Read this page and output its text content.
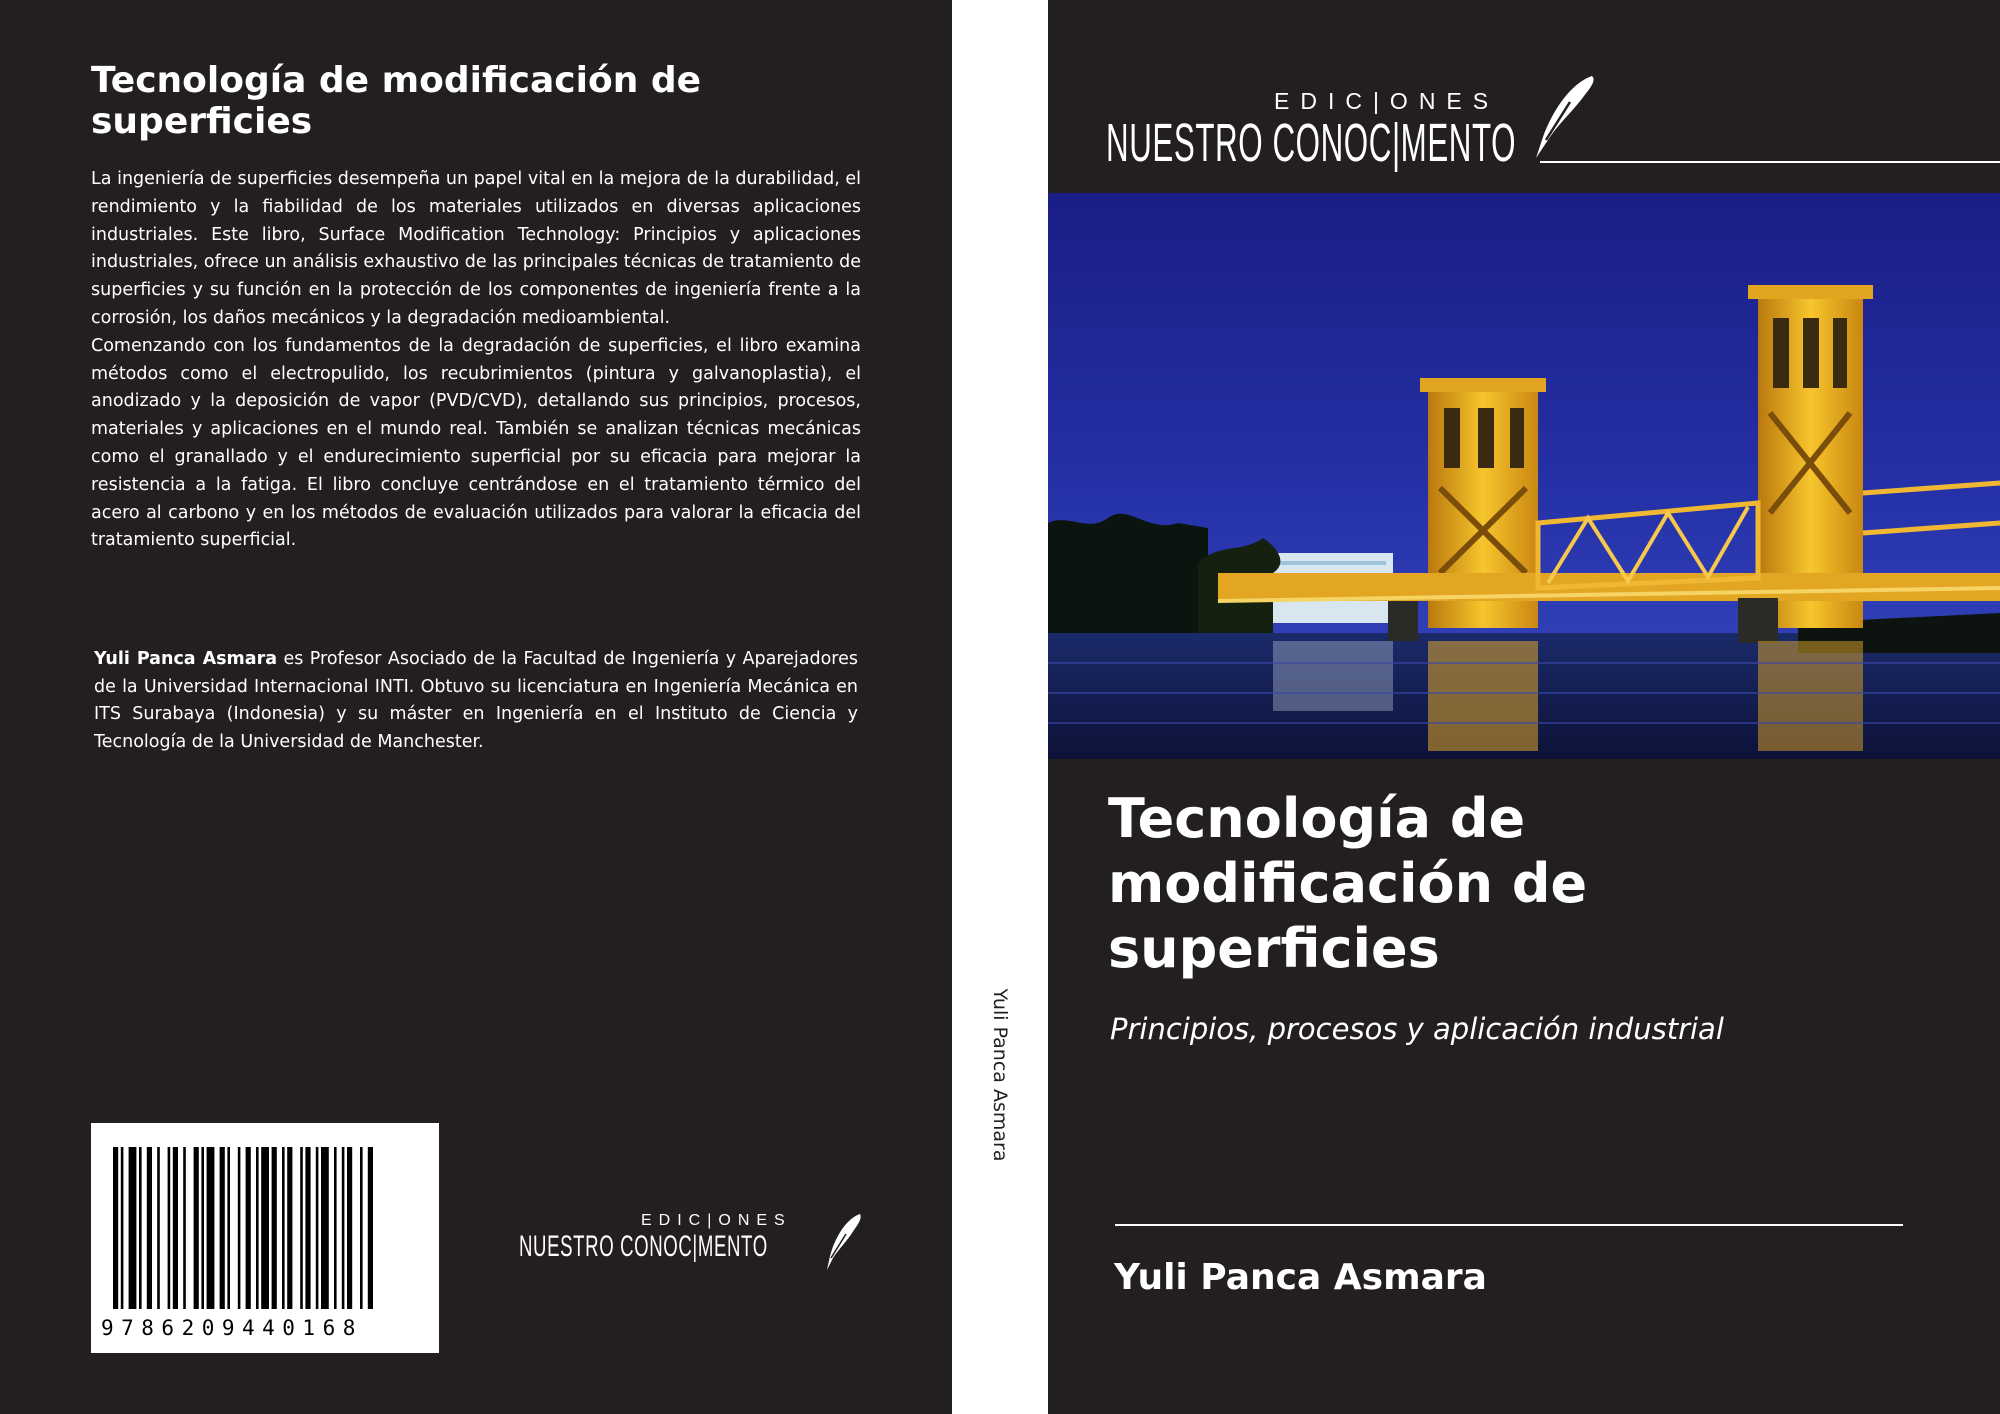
Tecnología de modificación de superficies

La ingeniería de superficies desempeña un papel vital en la mejora de la durabilidad, el rendimiento y la fiabilidad de los materiales utilizados en diversas aplicaciones industriales. Este libro, Surface Modification Technology: Principios y aplicaciones industriales, ofrece un análisis exhaustivo de las principales técnicas de tratamiento de superficies y su función en la protección de los componentes de ingeniería frente a la corrosión, los daños mecánicos y la degradación medioambiental.

Comenzando con los fundamentos de la degradación de superficies, el libro examina métodos como el electropulido, los recubrimientos (pintura y galvanoplastia), el anodizado y la deposición de vapor (PVD/CVD), detallando sus principios, procesos, materiales y aplicaciones en el mundo real. También se analizan técnicas mecánicas como el granallado y el endurecimiento superficial por su eficacia para mejorar la resistencia a la fatiga. El libro concluye centrándose en el tratamiento térmico del acero al carbono y en los métodos de evaluación utilizados para valorar la eficacia del tratamiento superficial.

Yuli Panca Asmara es Profesor Asociado de la Facultad de Ingeniería y Aparejadores de la Universidad Internacional INTI. Obtuvo su licenciatura en Ingeniería Mecánica en ITS Surabaya (Indonesia) y su máster en Ingeniería en el Instituto de Ciencia y Tecnología de la Universidad de Manchester.

9786209440168
EDIC|ONES
NUESTRO CONOC|MENTO
Yuli Panca Asmara
EDIC|ONES
NUESTRO CONOC|MENTO
Tecnología de modificación de superficies
Principios, procesos y aplicación industrial
Yuli Panca Asmara
